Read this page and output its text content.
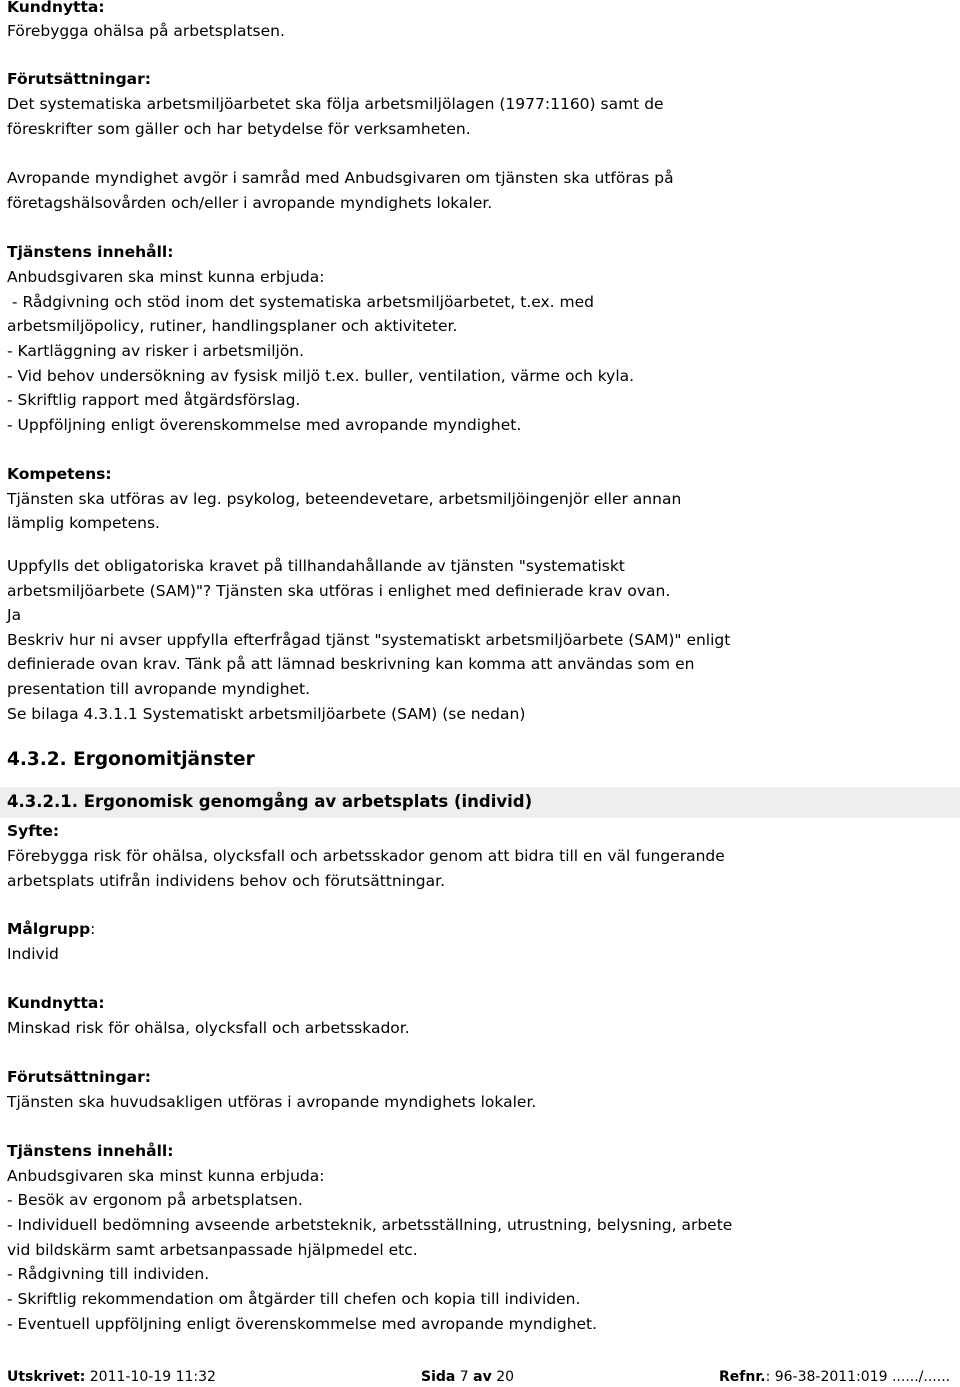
Kundnytta:
Förebygga ohälsa på arbetsplatsen.
Förutsättningar:
Det systematiska arbetsmiljöarbetet ska följa arbetsmiljölagen (1977:1160) samt de
föreskrifter som gäller och har betydelse för verksamheten.
Avropande myndighet avgör i samråd med Anbudsgivaren om tjänsten ska utföras på
företagshälsovården och/eller i avropande myndighets lokaler.
Tjänstens innehåll:
Anbudsgivaren ska minst kunna erbjuda:
- Rådgivning och stöd inom det systematiska arbetsmiljöarbetet, t.ex. med
arbetsmiljöpolicy, rutiner, handlingsplaner och aktiviteter.
- Kartläggning av risker i arbetsmiljön.
- Vid behov undersökning av fysisk miljö t.ex. buller, ventilation, värme och kyla.
- Skriftlig rapport med åtgärdsförslag.
- Uppföljning enligt överenskommelse med avropande myndighet.
Kompetens:
Tjänsten ska utföras av leg. psykolog, beteendevetare, arbetsmiljöingenjör eller annan
lämplig kompetens.
Uppfylls det obligatoriska kravet på tillhandahållande av tjänsten "systematiskt
arbetsmiljöarbete (SAM)"? Tjänsten ska utföras i enlighet med definierade krav ovan.
Ja
Beskriv hur ni avser uppfylla efterfrågad tjänst "systematiskt arbetsmiljöarbete (SAM)" enligt
definierade ovan krav. Tänk på att lämnad beskrivning kan komma att användas som en
presentation till avropande myndighet.
Se bilaga 4.3.1.1 Systematiskt arbetsmiljöarbete (SAM) (se nedan)
4.3.2. Ergonomitjänster
4.3.2.1. Ergonomisk genomgång av arbetsplats (individ)
Syfte:
Förebygga risk för ohälsa, olycksfall och arbetsskador genom att bidra till en väl fungerande
arbetsplats utifrån individens behov och förutsättningar.
Målgrupp:
Individ
Kundnytta:
Minskad risk för ohälsa, olycksfall och arbetsskador.
Förutsättningar:
Tjänsten ska huvudsakligen utföras i avropande myndighets lokaler.
Tjänstens innehåll:
Anbudsgivaren ska minst kunna erbjuda:
- Besök av ergonom på arbetsplatsen.
- Individuell bedömning avseende arbetsteknik, arbetsställning, utrustning, belysning, arbete
vid bildskärm samt arbetsanpassade hjälpmedel etc.
- Rådgivning till individen.
- Skriftlig rekommendation om åtgärder till chefen och kopia till individen.
- Eventuell uppföljning enligt överenskommelse med avropande myndighet.
Utskrivet: 2011-10-19 11:32	Sida 7 av 20	Refnr.: 96-38-2011:019 ....../......
